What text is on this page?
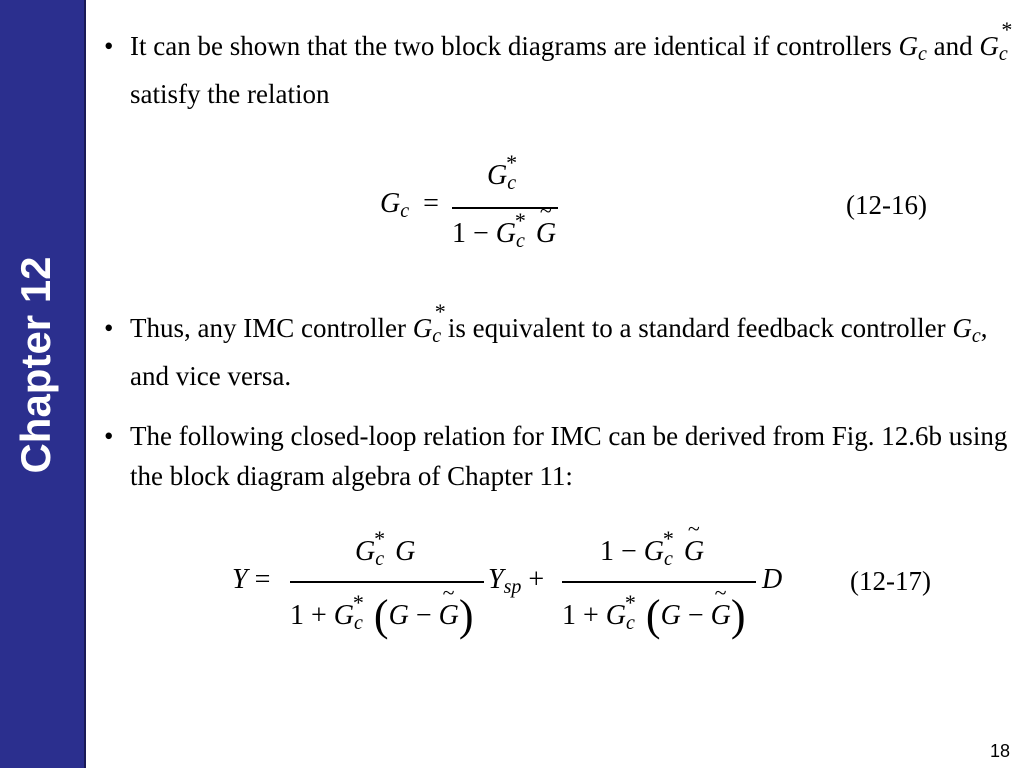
Chapter 12
• It can be shown that the two block diagrams are identical if controllers $G_c$ and $G_c$
*
satisfy the relation
$G_c$  =
$G_c^*$
$1 - G_c^*\sim$ G
(12-16)
• Thus, any IMC controller $G_c$
*
is equivalent to a standard feedback controller $G_c$, and vice versa.
• The following closed-loop relation for IMC can be derived from Fig. 12.6b using the block diagram algebra of Chapter 11:
Y =
$G_c^*$ G
$1 + G_c^*$ (G − ~ G)
$Y_{sp}$ +
$1 - G_c^*\sim$ G
$1 + G_c^*$ (G − ~ G)
D	(12-17)
18
